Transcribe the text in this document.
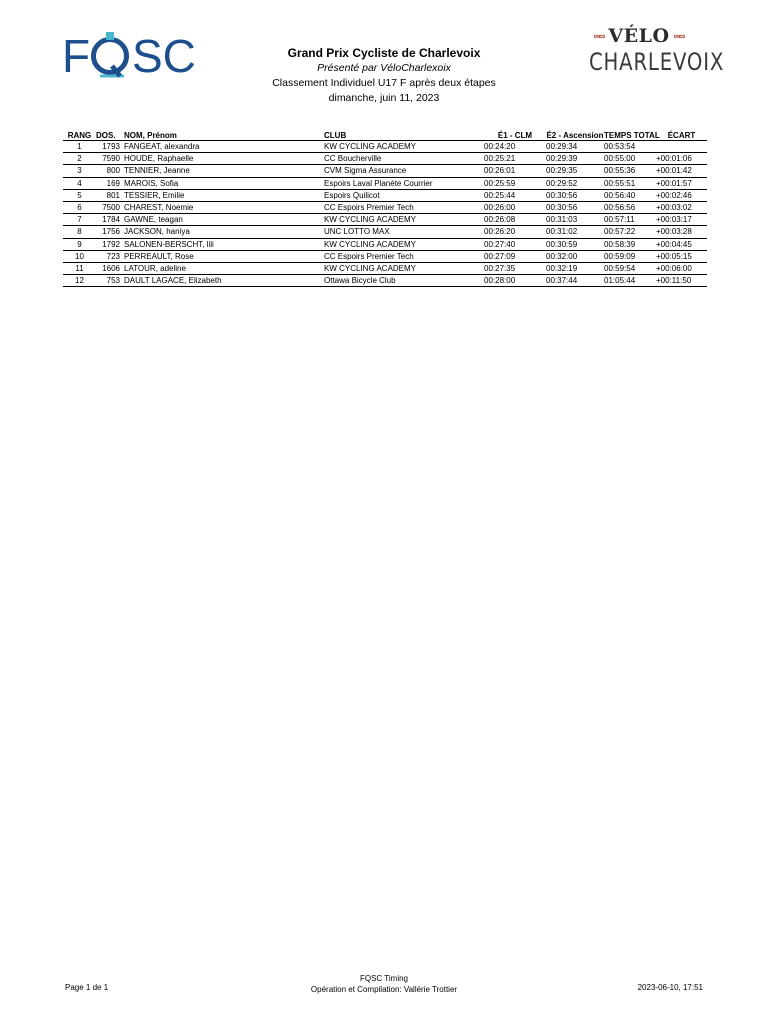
F SC	∞∞ VÉLO ∞∞
CHARLEVOIX
Grand Prix Cycliste de Charlevoix
Présenté par VéloCharlexoix
Classement Individuel U17 F après deux étapes
dimanche, juin 11, 2023
RANG	DOS.	NOM, Prénom	CLUB	É1 - CLM	É2 - Ascension	TEMPS TOTAL	ÉCART
1	1793	FANGEAT, alexandra	KW CYCLING ACADEMY	00:24:20	00:29:34	00:53:54	
2	7590	HOUDE, Raphaelle	CC Boucherville	00:25:21	00:29:39	00:55:00	+00:01:06
3	800	TENNIER, Jeanne	CVM Sigma Assurance	00:26:01	00:29:35	00:55:36	+00:01:42
4	169	MAROIS, Sofia	Espoirs Laval Planète Courrier	00:25:59	00:29:52	00:55:51	+00:01:57
5	801	TESSIER, Emilie	Espoirs Quilicot	00:25:44	00:30:56	00:56:40	+00:02:46
6	7500	CHAREST, Noemie	CC Espoirs Premier Tech	00:26:00	00:30:56	00:56:56	+00:03:02
7	1784	GAWNE, teagan	KW CYCLING ACADEMY	00:26:08	00:31:03	00:57:11	+00:03:17
8	1756	JACKSON, haniya	UNC LOTTO MAX	00:26:20	00:31:02	00:57:22	+00:03:28
9	1792	SALONEN-BERSCHT, lili	KW CYCLING ACADEMY	00:27:40	00:30:59	00:58:39	+00:04:45
10	723	PERREAULT, Rose	CC Espoirs Premier Tech	00:27:09	00:32:00	00:59:09	+00:05:15
11	1606	LATOUR, adeline	KW CYCLING ACADEMY	00:27:35	00:32:19	00:59:54	+00:06:00
12	753	DAULT LAGACE, Elizabeth	Ottawa Bicycle Club	00:28:00	00:37:44	01:05:44	+00:11:50
Page 1 de 1
FQSC Timing
Opération et Compilation: Vallérie Trottier	2023-06-10, 17:51
